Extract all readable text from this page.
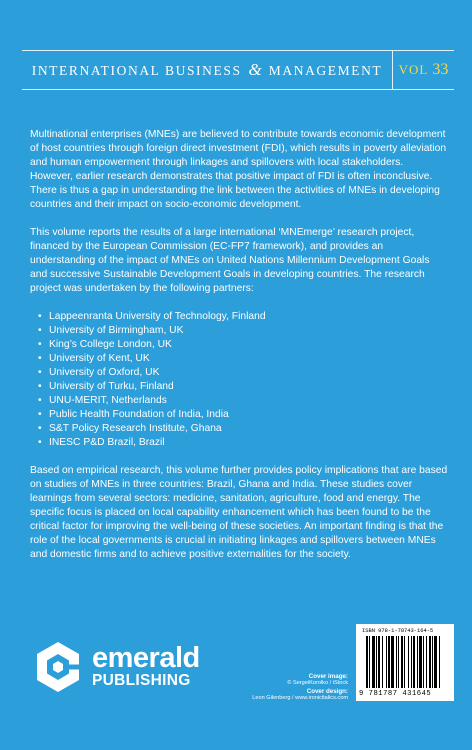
INTERNATIONAL BUSINESS & MANAGEMENT	VOL 33

Multinational enterprises (MNEs) are believed to contribute towards economic development of host countries through foreign direct investment (FDI), which results in poverty alleviation and human empowerment through linkages and spillovers with local stakeholders. However, earlier research demonstrates that positive impact of FDI is often inconclusive. There is thus a gap in understanding the link between the activities of MNEs in developing countries and their impact on socio-economic development.

This volume reports the results of a large international ‘MNEmerge’ research project, financed by the European Commission (EC-FP7 framework), and provides an understanding of the impact of MNEs on United Nations Millennium Development Goals and successive Sustainable Development Goals in developing countries. The research project was undertaken by the following partners:

• Lappeenranta University of Technology, Finland
• University of Birmingham, UK
• King’s College London, UK
• University of Kent, UK
• University of Oxford, UK
• University of Turku, Finland
• UNU-MERIT, Netherlands
• Public Health Foundation of India, India
• S&T Policy Research Institute, Ghana
• INESC P&D Brazil, Brazil

Based on empirical research, this volume further provides policy implications that are based on studies of MNEs in three countries: Brazil, Ghana and India. These studies cover learnings from several sectors: medicine, sanitation, agriculture, food and energy. The specific focus is placed on local capability enhancement which has been found to be the critical factor for improving the well-being of these societies. An important finding is that the role of the local governments is crucial in initiating linkages and spillovers between MNEs and domestic firms and to achieve positive externalities for the society.

emerald
PUBLISHING	Cover image:
© SergeiKorolko / iStock
Cover design:
Leon Gilenberg / www.ironicitalics.com
ISBN 978-1-78743-164-5
9 781787 431645
